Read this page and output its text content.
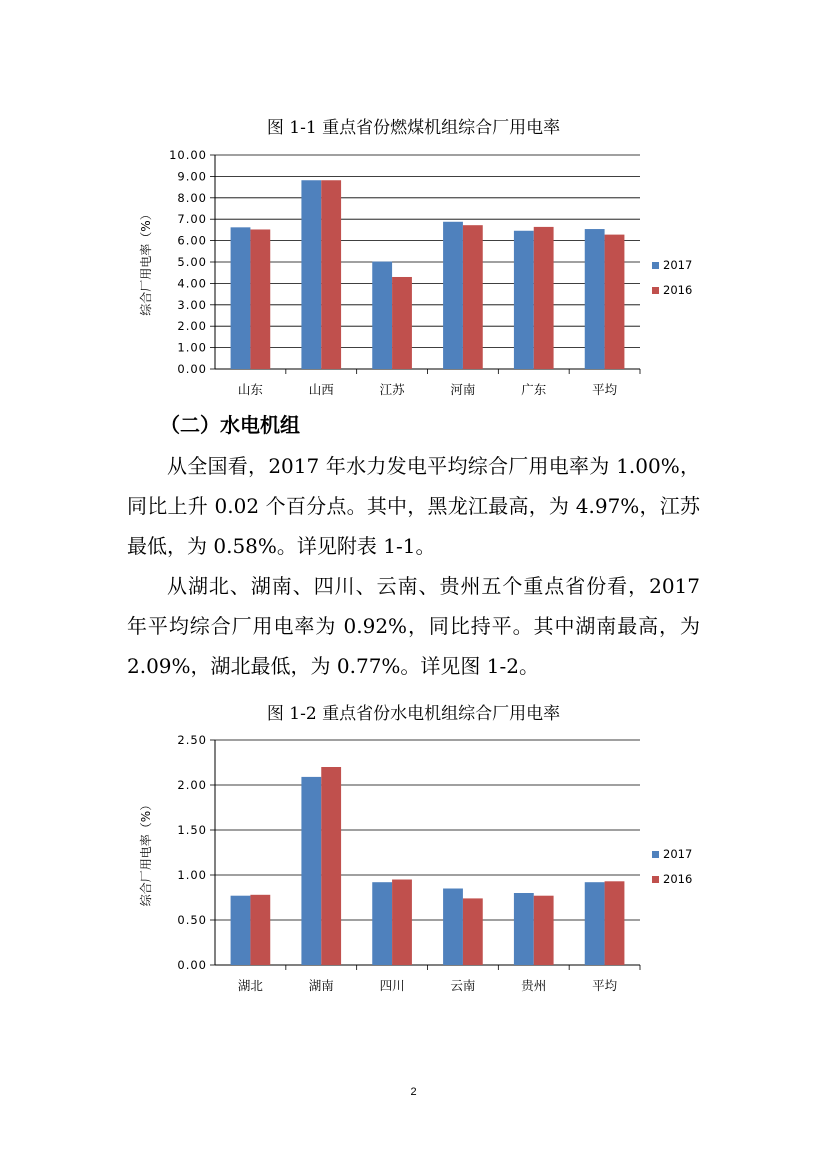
图 1-1 重点省份燃煤机组综合厂用电率
0.00
1.00
2.00
3.00
4.00
5.00
6.00
7.00
8.00
9.00
10.00
山东	山西	江苏	河南	广东	平均
综合厂用电率（%）	2017
2016
（二）水电机组
从全国看，2017 年水力发电平均综合厂用电率为 1.00%，同比上升 0.02 个百分点。其中，黑龙江最高，为 4.97%，江苏最低，为 0.58%。详见附表 1-1。
从湖北、湖南、四川、云南、贵州五个重点省份看，2017 年平均综合厂用电率为 0.92%，同比持平。其中湖南最高，为 2.09%，湖北最低，为 0.77%。详见图 1-2。
图 1-2 重点省份水电机组综合厂用电率
0.00
0.50
1.00
1.50
2.00
2.50
湖北	湖南	四川	云南	贵州	平均
综合厂用电率（%）	2017
2016
2
